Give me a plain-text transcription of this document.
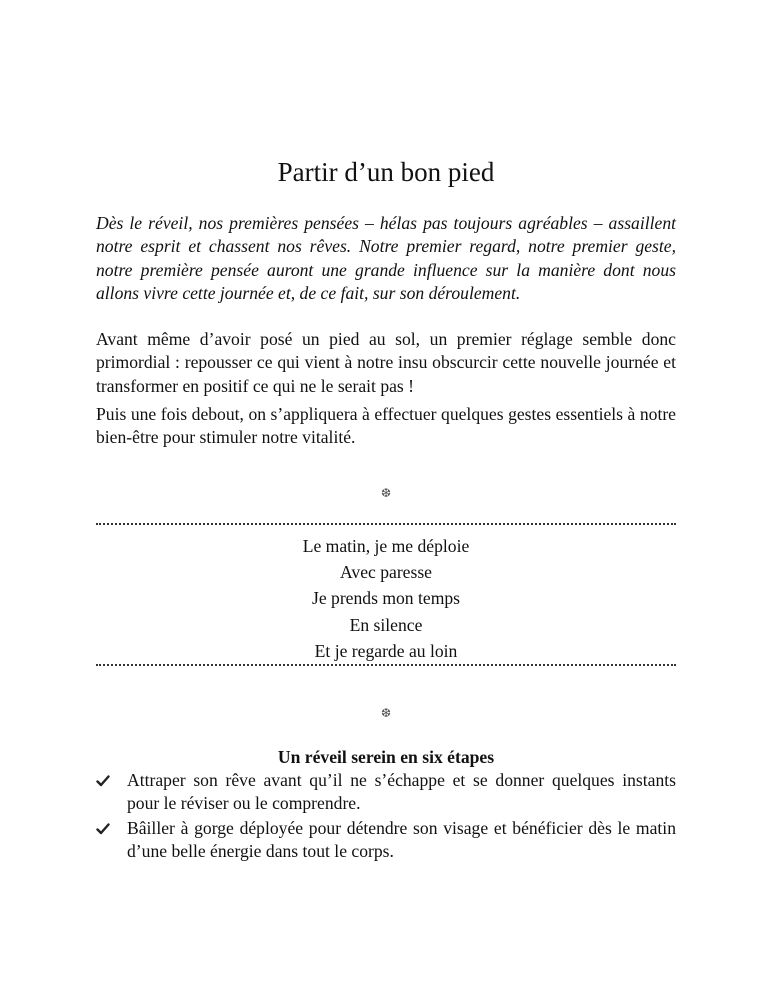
Partir d’un bon pied

Dès le réveil, nos premières pensées – hélas pas toujours agréables – assaillent notre esprit et chassent nos rêves. Notre premier regard, notre premier geste, notre première pensée auront une grande influence sur la manière dont nous allons vivre cette journée et, de ce fait, sur son déroulement.

Avant même d’avoir posé un pied au sol, un premier réglage semble donc primordial : repousser ce qui vient à notre insu obscurcir cette nouvelle journée et transformer en positif ce qui ne le serait pas !

Puis une fois debout, on s’appliquera à effectuer quelques gestes essentiels à notre bien-être pour stimuler notre vitalité.

❆
Le matin, je me déploie
Avec paresse
Je prends mon temps
En silence
Et je regarde au loin
❆
Un réveil serein en six étapes
Attraper son rêve avant qu’il ne s’échappe et se donner quelques instants pour le réviser ou le comprendre.
Bâiller à gorge déployée pour détendre son visage et bénéficier dès le matin d’une belle énergie dans tout le corps.
